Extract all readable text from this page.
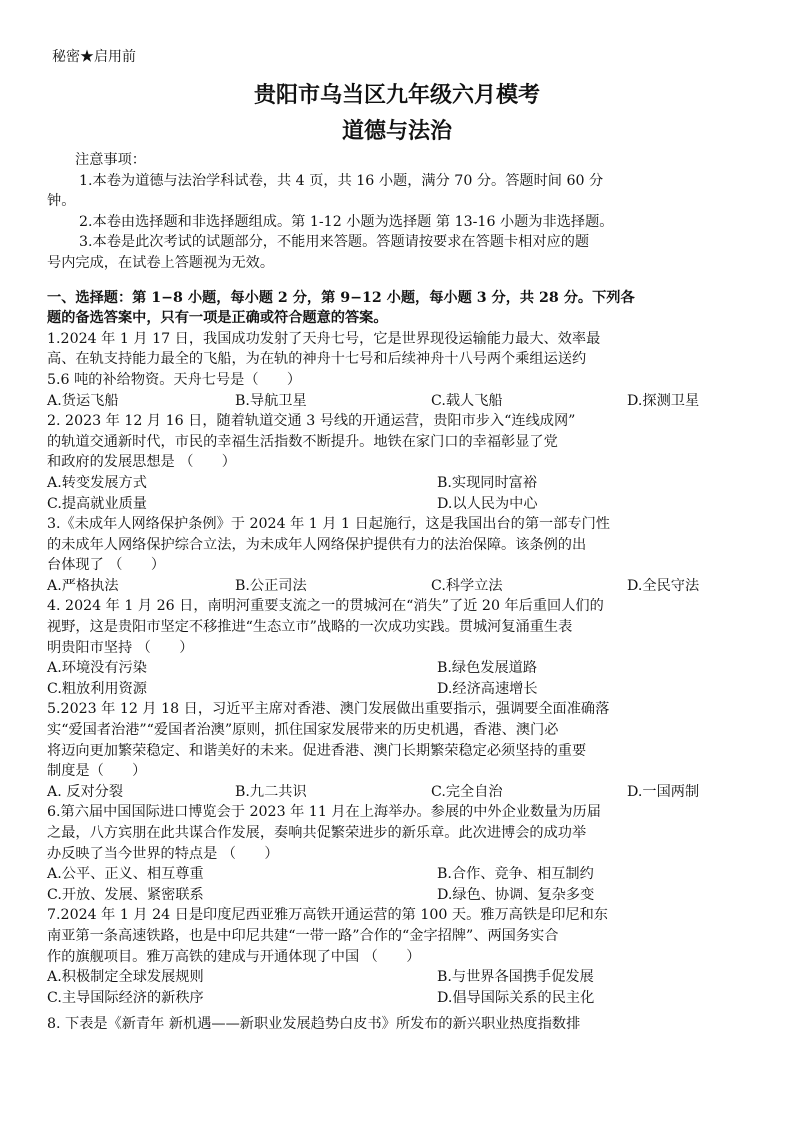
秘密★启用前
贵阳市乌当区九年级六月模考
道德与法治
注意事项：
1.本卷为道德与法治学科试卷，共 4 页，共 16 小题，满分 70 分。答题时间 60 分
钟。
2.本卷由选择题和非选择题组成。第 1-12 小题为选择题 第 13-16 小题为非选择题。
3.本卷是此次考试的试题部分，不能用来答题。答题请按要求在答题卡相对应的题
号内完成，在试卷上答题视为无效。
一、选择题：第 1−8 小题，每小题 2 分，第 9−12 小题，每小题 3 分，共 28 分。下列各
题的备选答案中，只有一项是正确或符合题意的答案。
1.2024 年 1 月 17 日，我国成功发射了天舟七号，它是世界现役运输能力最大、效率最
高、在轨支持能力最全的飞船，为在轨的神舟十七号和后续神舟十八号两个乘组运送约
5.6 吨的补给物资。天舟七号是（　　）
A.货运飞船	B.导航卫星	C.载人飞船	D.探测卫星
2. 2023 年 12 月 16 日，随着轨道交通 3 号线的开通运营，贵阳市步入“连线成网”
的轨道交通新时代，市民的幸福生活指数不断提升。地铁在家门口的幸福彰显了党
和政府的发展思想是 （　　）
A.转变发展方式	B.实现同时富裕
C.提高就业质量	D.以人民为中心
3.《未成年人网络保护条例》于 2024 年 1 月 1 日起施行，这是我国出台的第一部专门性
的未成年人网络保护综合立法，为未成年人网络保护提供有力的法治保障。该条例的出
台体现了 （　　）
A.严格执法	B.公正司法	C.科学立法	D.全民守法
4. 2024 年 1 月 26 日，南明河重要支流之一的贯城河在“消失”了近 20 年后重回人们的
视野，这是贵阳市坚定不移推进“生态立市”战略的一次成功实践。贯城河复涌重生表
明贵阳市坚持 （　　）
A.环境没有污染	B.绿色发展道路
C.粗放利用资源	D.经济高速增长
5.2023 年 12 月 18 日，习近平主席对香港、澳门发展做出重要指示，强调要全面准确落
实“爱国者治港”“爱国者治澳”原则，抓住国家发展带来的历史机遇，香港、澳门必
将迈向更加繁荣稳定、和谐美好的未来。促进香港、澳门长期繁荣稳定必须坚持的重要
制度是（　　）
A. 反对分裂	B.九二共识	C.完全自治	D.一国两制
6.第六届中国国际进口博览会于 2023 年 11 月在上海举办。参展的中外企业数量为历届
之最，八方宾朋在此共谋合作发展，奏响共促繁荣进步的新乐章。此次进博会的成功举
办反映了当今世界的特点是 （　　）
A.公平、正义、相互尊重	B.合作、竞争、相互制约
C.开放、发展、紧密联系	D.绿色、协调、复杂多变
7.2024 年 1 月 24 日是印度尼西亚雅万高铁开通运营的第 100 天。雅万高铁是印尼和东
南亚第一条高速铁路，也是中印尼共建“一带一路”合作的“金字招牌”、两国务实合
作的旗舰项目。雅万高铁的建成与开通体现了中国 （　　）
A.积极制定全球发展规则	B.与世界各国携手促发展
C.主导国际经济的新秩序	D.倡导国际关系的民主化
8. 下表是《新青年 新机遇——新职业发展趋势白皮书》所发布的新兴职业热度指数排
